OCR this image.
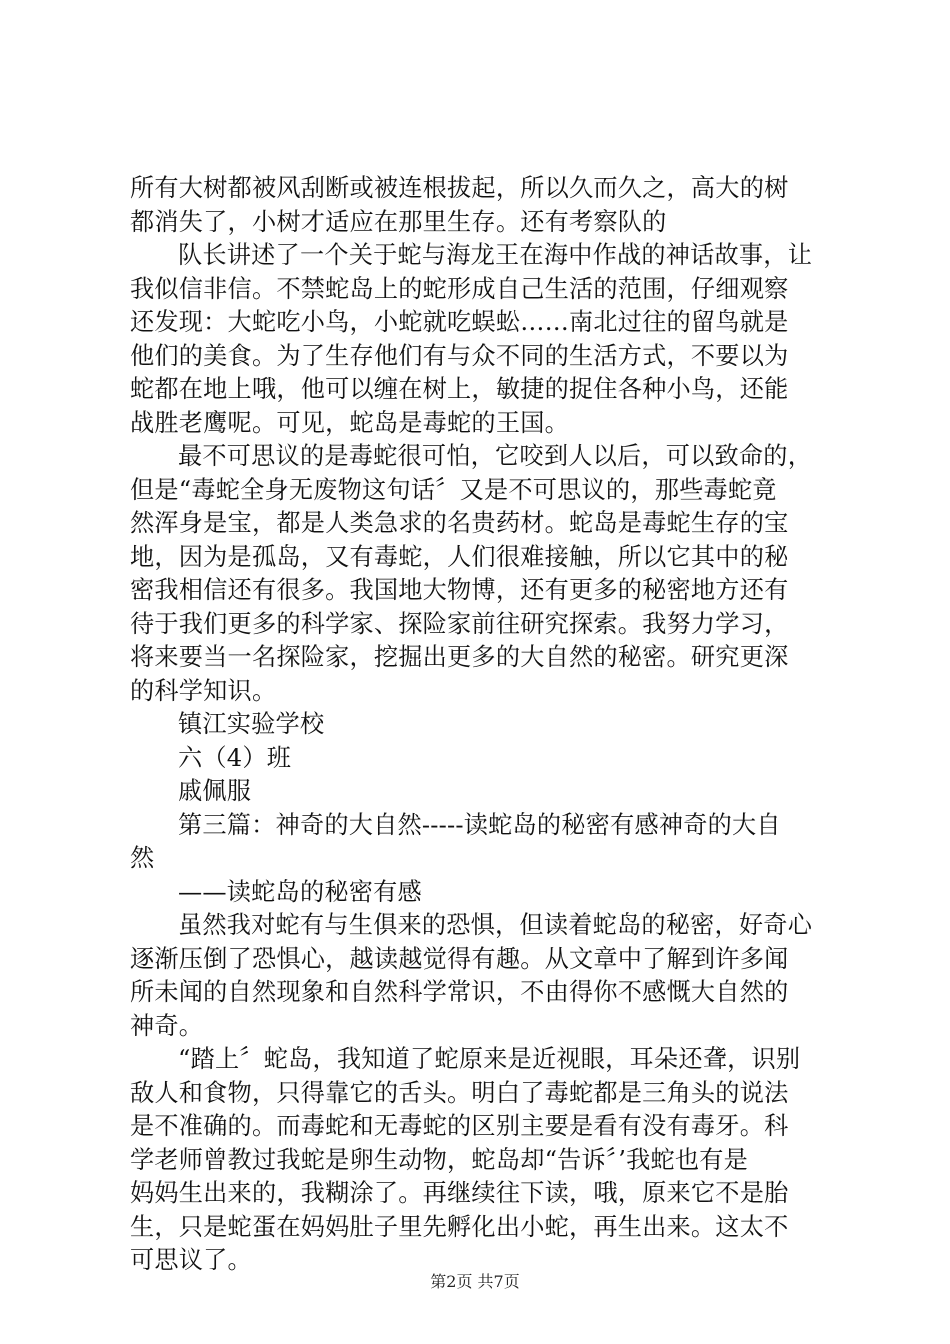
所有大树都被风刮断或被连根拔起，所以久而久之，高大的树
都消失了，小树才适应在那里生存。还有考察队的
队长讲述了一个关于蛇与海龙王在海中作战的神话故事，让
我似信非信。不禁蛇岛上的蛇形成自己生活的范围，仔细观察
还发现：大蛇吃小鸟，小蛇就吃蜈蚣……南北过往的留鸟就是
他们的美食。为了生存他们有与众不同的生活方式，不要以为
蛇都在地上哦，他可以缠在树上，敏捷的捉住各种小鸟，还能
战胜老鹰呢。可见，蛇岛是毒蛇的王国。
最不可思议的是毒蛇很可怕，它咬到人以后，可以致命的，
但是“毒蛇全身无废物这句话〞又是不可思议的，那些毒蛇竟
然浑身是宝，都是人类急求的名贵药材。蛇岛是毒蛇生存的宝
地，因为是孤岛，又有毒蛇，人们很难接触，所以它其中的秘
密我相信还有很多。我国地大物博，还有更多的秘密地方还有
待于我们更多的科学家、探险家前往研究探索。我努力学习，
将来要当一名探险家，挖掘出更多的大自然的秘密。研究更深
的科学知识。
镇江实验学校
六（4）班
戚佩服
第三篇：神奇的大自然-----读蛇岛的秘密有感神奇的大自
然
——读蛇岛的秘密有感
虽然我对蛇有与生俱来的恐惧，但读着蛇岛的秘密，好奇心
逐渐压倒了恐惧心，越读越觉得有趣。从文章中了解到许多闻
所未闻的自然现象和自然科学常识，不由得你不感慨大自然的
神奇。
“踏上〞蛇岛，我知道了蛇原来是近视眼，耳朵还聋，识别
敌人和食物，只得靠它的舌头。明白了毒蛇都是三角头的说法
是不准确的。而毒蛇和无毒蛇的区别主要是看有没有毒牙。科
学老师曾教过我蛇是卵生动物，蛇岛却“告诉〞’我蛇也有是
妈妈生出来的，我糊涂了。再继续往下读，哦，原来它不是胎
生，只是蛇蛋在妈妈肚子里先孵化出小蛇，再生出来。这太不
可思议了。
第2页 共7页
